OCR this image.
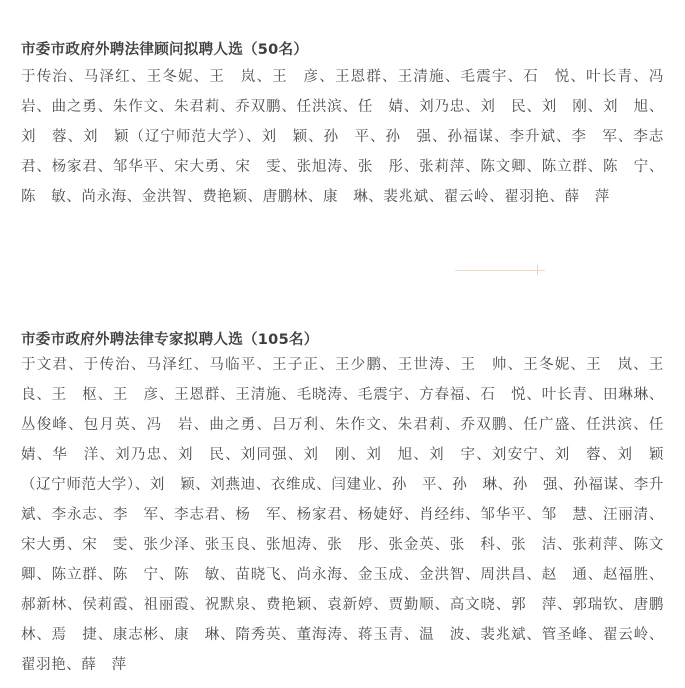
市委市政府外聘法律顾问拟聘人选（50名）

于传治、马泽红、王冬妮、王　岚、王　彦、王恩群、王清施、毛震宇、石　悦、叶长青、冯　岩、曲之勇、朱作文、朱君莉、乔双鹏、任洪滨、任　婧、刘乃忠、刘　民、刘　刚、刘　旭、刘　蓉、刘　颖（辽宁师范大学）、刘　颖、孙　平、孙　强、孙福谋、李升斌、李　军、李志君、杨家君、邹华平、宋大勇、宋　雯、张旭涛、张　彤、张莉萍、陈文卿、陈立群、陈　宁、陈　敏、尚永海、金洪智、费艳颖、唐鹏林、康　琳、裴兆斌、翟云岭、翟羽艳、薛　萍

市委市政府外聘法律专家拟聘人选（105名）

于文君、于传治、马泽红、马临平、王子正、王少鹏、王世涛、王　帅、王冬妮、王　岚、王　良、王　枢、王　彦、王恩群、王清施、毛晓涛、毛震宇、方春福、石　悦、叶长青、田琳琳、丛俊峰、包月英、冯　岩、曲之勇、吕万利、朱作文、朱君莉、乔双鹏、任广盛、任洪滨、任　婧、华　洋、刘乃忠、刘　民、刘同强、刘　刚、刘　旭、刘　宇、刘安宁、刘　蓉、刘　颖（辽宁师范大学）、刘　颖、刘燕迪、衣维成、闫建业、孙　平、孙　琳、孙　强、孙福谋、李升斌、李永志、李　军、李志君、杨　军、杨家君、杨婕妤、肖经纬、邹华平、邹　慧、汪丽清、宋大勇、宋　雯、张少泽、张玉良、张旭涛、张　彤、张金英、张　科、张　洁、张莉萍、陈文卿、陈立群、陈　宁、陈　敏、苗晓飞、尚永海、金玉成、金洪智、周洪昌、赵　通、赵福胜、郝新林、侯莉霞、祖丽霞、祝默泉、费艳颖、袁新婷、贾勤顺、高文晓、郭　萍、郭瑞钦、唐鹏林、焉　捷、康志彬、康　琳、隋秀英、董海涛、蒋玉青、温　波、裴兆斌、管圣峰、翟云岭、翟羽艳、薛　萍
